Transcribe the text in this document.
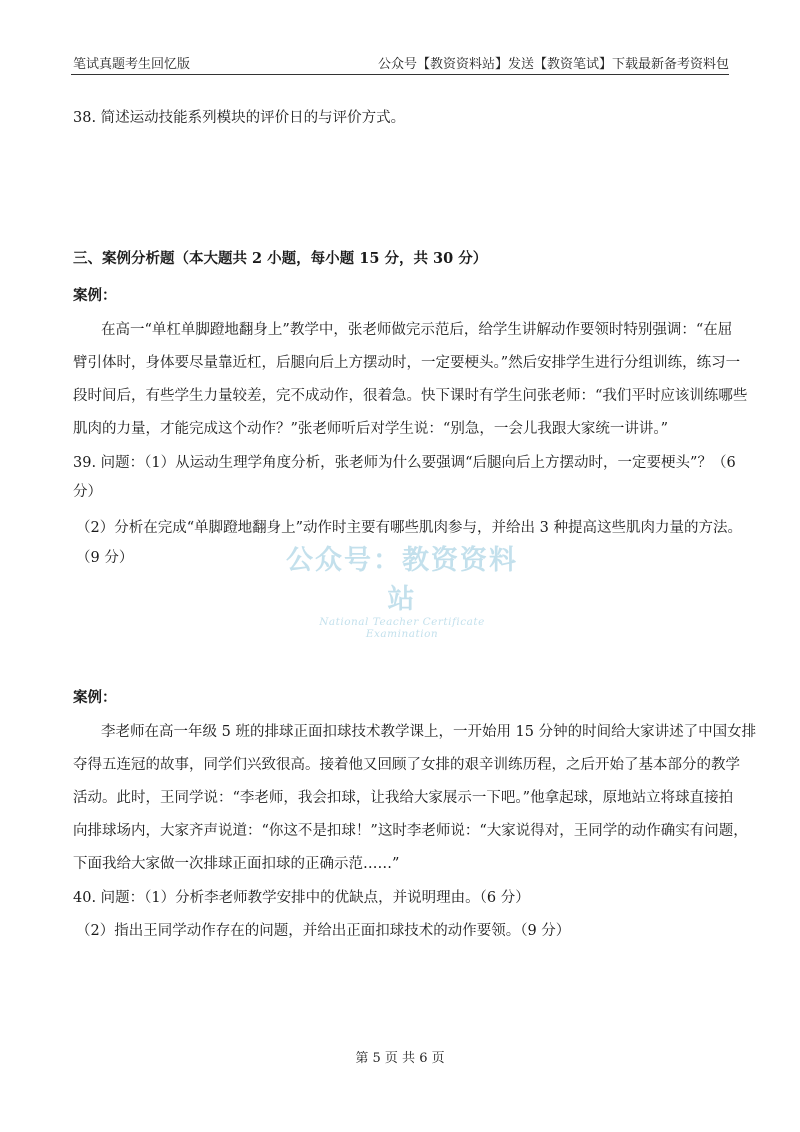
笔试真题考生回忆版	公众号【教资资料站】发送【教资笔试】下载最新备考资料包
38. 简述运动技能系列模块的评价日的与评价方式。
三、案例分析题（本大题共 2 小题，每小题 15 分，共 30 分）
案例：
在高一“单杠单脚蹬地翻身上”教学中，张老师做完示范后，给学生讲解动作要领时特别强调：“在屈
臂引体时，身体要尽量靠近杠，后腿向后上方摆动时，一定要梗头。”然后安排学生进行分组训练，练习一
段时间后，有些学生力量较差，完不成动作，很着急。快下课时有学生问张老师：“我们平时应该训练哪些
肌肉的力量，才能完成这个动作？”张老师听后对学生说：“别急，一会儿我跟大家统一讲讲。”
39. 问题：（1）从运动生理学角度分析，张老师为什么要强调“后腿向后上方摆动时，一定要梗头”？（6
分）
（2）分析在完成“单脚蹬地翻身上”动作时主要有哪些肌肉参与，并给出 3 种提高这些肌肉力量的方法。
（9 分）	公众号：教资资料站
National Teacher Certificate Examination
案例：
李老师在高一年级 5 班的排球正面扣球技术教学课上，一开始用 15 分钟的时间给大家讲述了中国女排
夺得五连冠的故事，同学们兴致很高。接着他又回顾了女排的艰辛训练历程，之后开始了基本部分的教学
活动。此时，王同学说：“李老师，我会扣球，让我给大家展示一下吧。”他拿起球，原地站立将球直接拍
向排球场内，大家齐声说道：“你这不是扣球！”这时李老师说：“大家说得对，王同学的动作确实有问题，
下面我给大家做一次排球正面扣球的正确示范……”
40. 问题：（1）分析李老师教学安排中的优缺点，并说明理由。（6 分）
（2）指出王同学动作存在的问题，并给出正面扣球技术的动作要领。（9 分）
第 5 页 共 6 页
